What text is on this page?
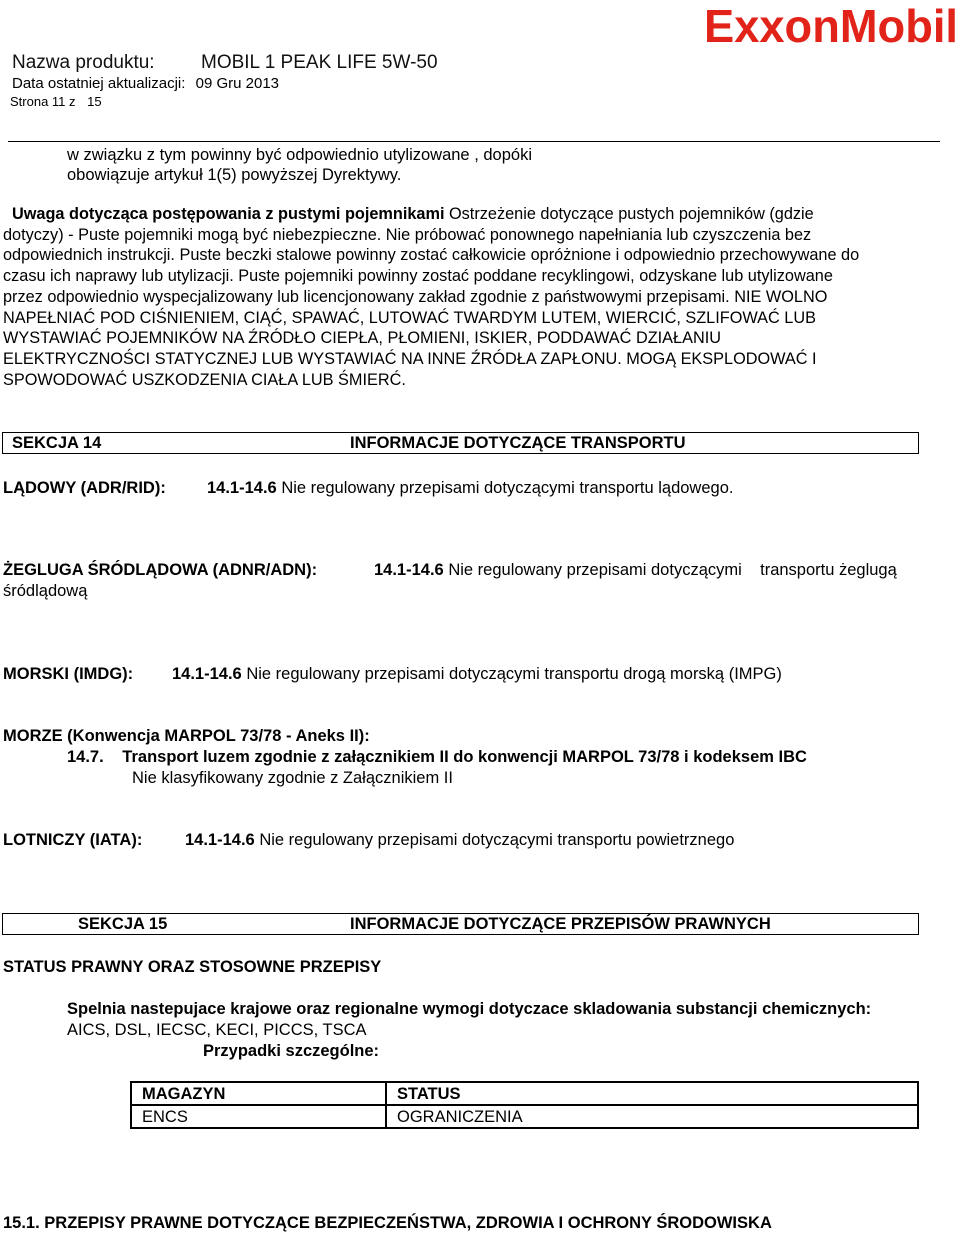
ExxonMobil
Nazwa produktu: MOBIL 1 PEAK LIFE 5W-50
Data ostatniej aktualizacji: 09 Gru 2013
Strona 11 z 15
w związku z tym powinny być odpowiednio utylizowane , dopóki
obowiązuje artykuł 1(5) powyższej Dyrektywy.
Uwaga dotycząca postępowania z pustymi pojemnikami Ostrzeżenie dotyczące pustych pojemników (gdzie
dotyczy) - Puste pojemniki mogą być niebezpieczne. Nie próbować ponownego napełniania lub czyszczenia bez
odpowiednich instrukcji. Puste beczki stalowe powinny zostać całkowicie opróżnione i odpowiednio przechowywane do
czasu ich naprawy lub utylizacji. Puste pojemniki powinny zostać poddane recyklingowi, odzyskane lub utylizowane
przez odpowiednio wyspecjalizowany lub licencjonowany zakład zgodnie z państwowymi przepisami. NIE WOLNO
NAPEŁNIAĆ POD CIŚNIENIEM, CIĄĆ, SPAWAĆ, LUTOWAĆ TWARDYM LUTEM, WIERCIĆ, SZLIFOWAĆ LUB
WYSTAWIAĆ POJEMNIKÓW NA ŹRÓDŁO CIEPŁA, PŁOMIENI, ISKIER, PODDAWAĆ DZIAŁANIU
ELEKTRYCZNOŚCI STATYCZNEJ LUB WYSTAWIAĆ NA INNE ŹRÓDŁA ZAPŁONU. MOGĄ EKSPLODOWAĆ I
SPOWODOWAĆ USZKODZENIA CIAŁA LUB ŚMIERĆ.
SEKCJA 14	INFORMACJE DOTYCZĄCE TRANSPORTU
LĄDOWY (ADR/RID): 14.1-14.6 Nie regulowany przepisami dotyczącymi transportu lądowego.
ŻEGLUGA ŚRÓDLĄDOWA (ADNR/ADN):	14.1-14.6 Nie regulowany przepisami dotyczącymi    transportu żeglugą
śródlądową
MORSKI (IMDG): 14.1-14.6 Nie regulowany przepisami dotyczącymi transportu drogą morską (IMPG)
MORZE (Konwencja MARPOL 73/78 - Aneks II):
14.7. Transport luzem zgodnie z załącznikiem II do konwencji MARPOL 73/78 i kodeksem IBC
Nie klasyfikowany zgodnie z Załącznikiem II
LOTNICZY (IATA):	14.1-14.6 Nie regulowany przepisami dotyczącymi transportu powietrznego
SEKCJA 15	INFORMACJE DOTYCZĄCE PRZEPISÓW PRAWNYCH
STATUS PRAWNY ORAZ STOSOWNE PRZEPISY
Spelnia nastepujace krajowe oraz regionalne wymogi dotyczace skladowania substancji chemicznych:
AICS, DSL, IECSC, KECI, PICCS, TSCA
Przypadki szczególne:
MAGAZYN	STATUS
ENCS	OGRANICZENIA
15.1. PRZEPISY PRAWNE DOTYCZĄCE BEZPIECZEŃSTWA, ZDROWIA I OCHRONY ŚRODOWISKA
